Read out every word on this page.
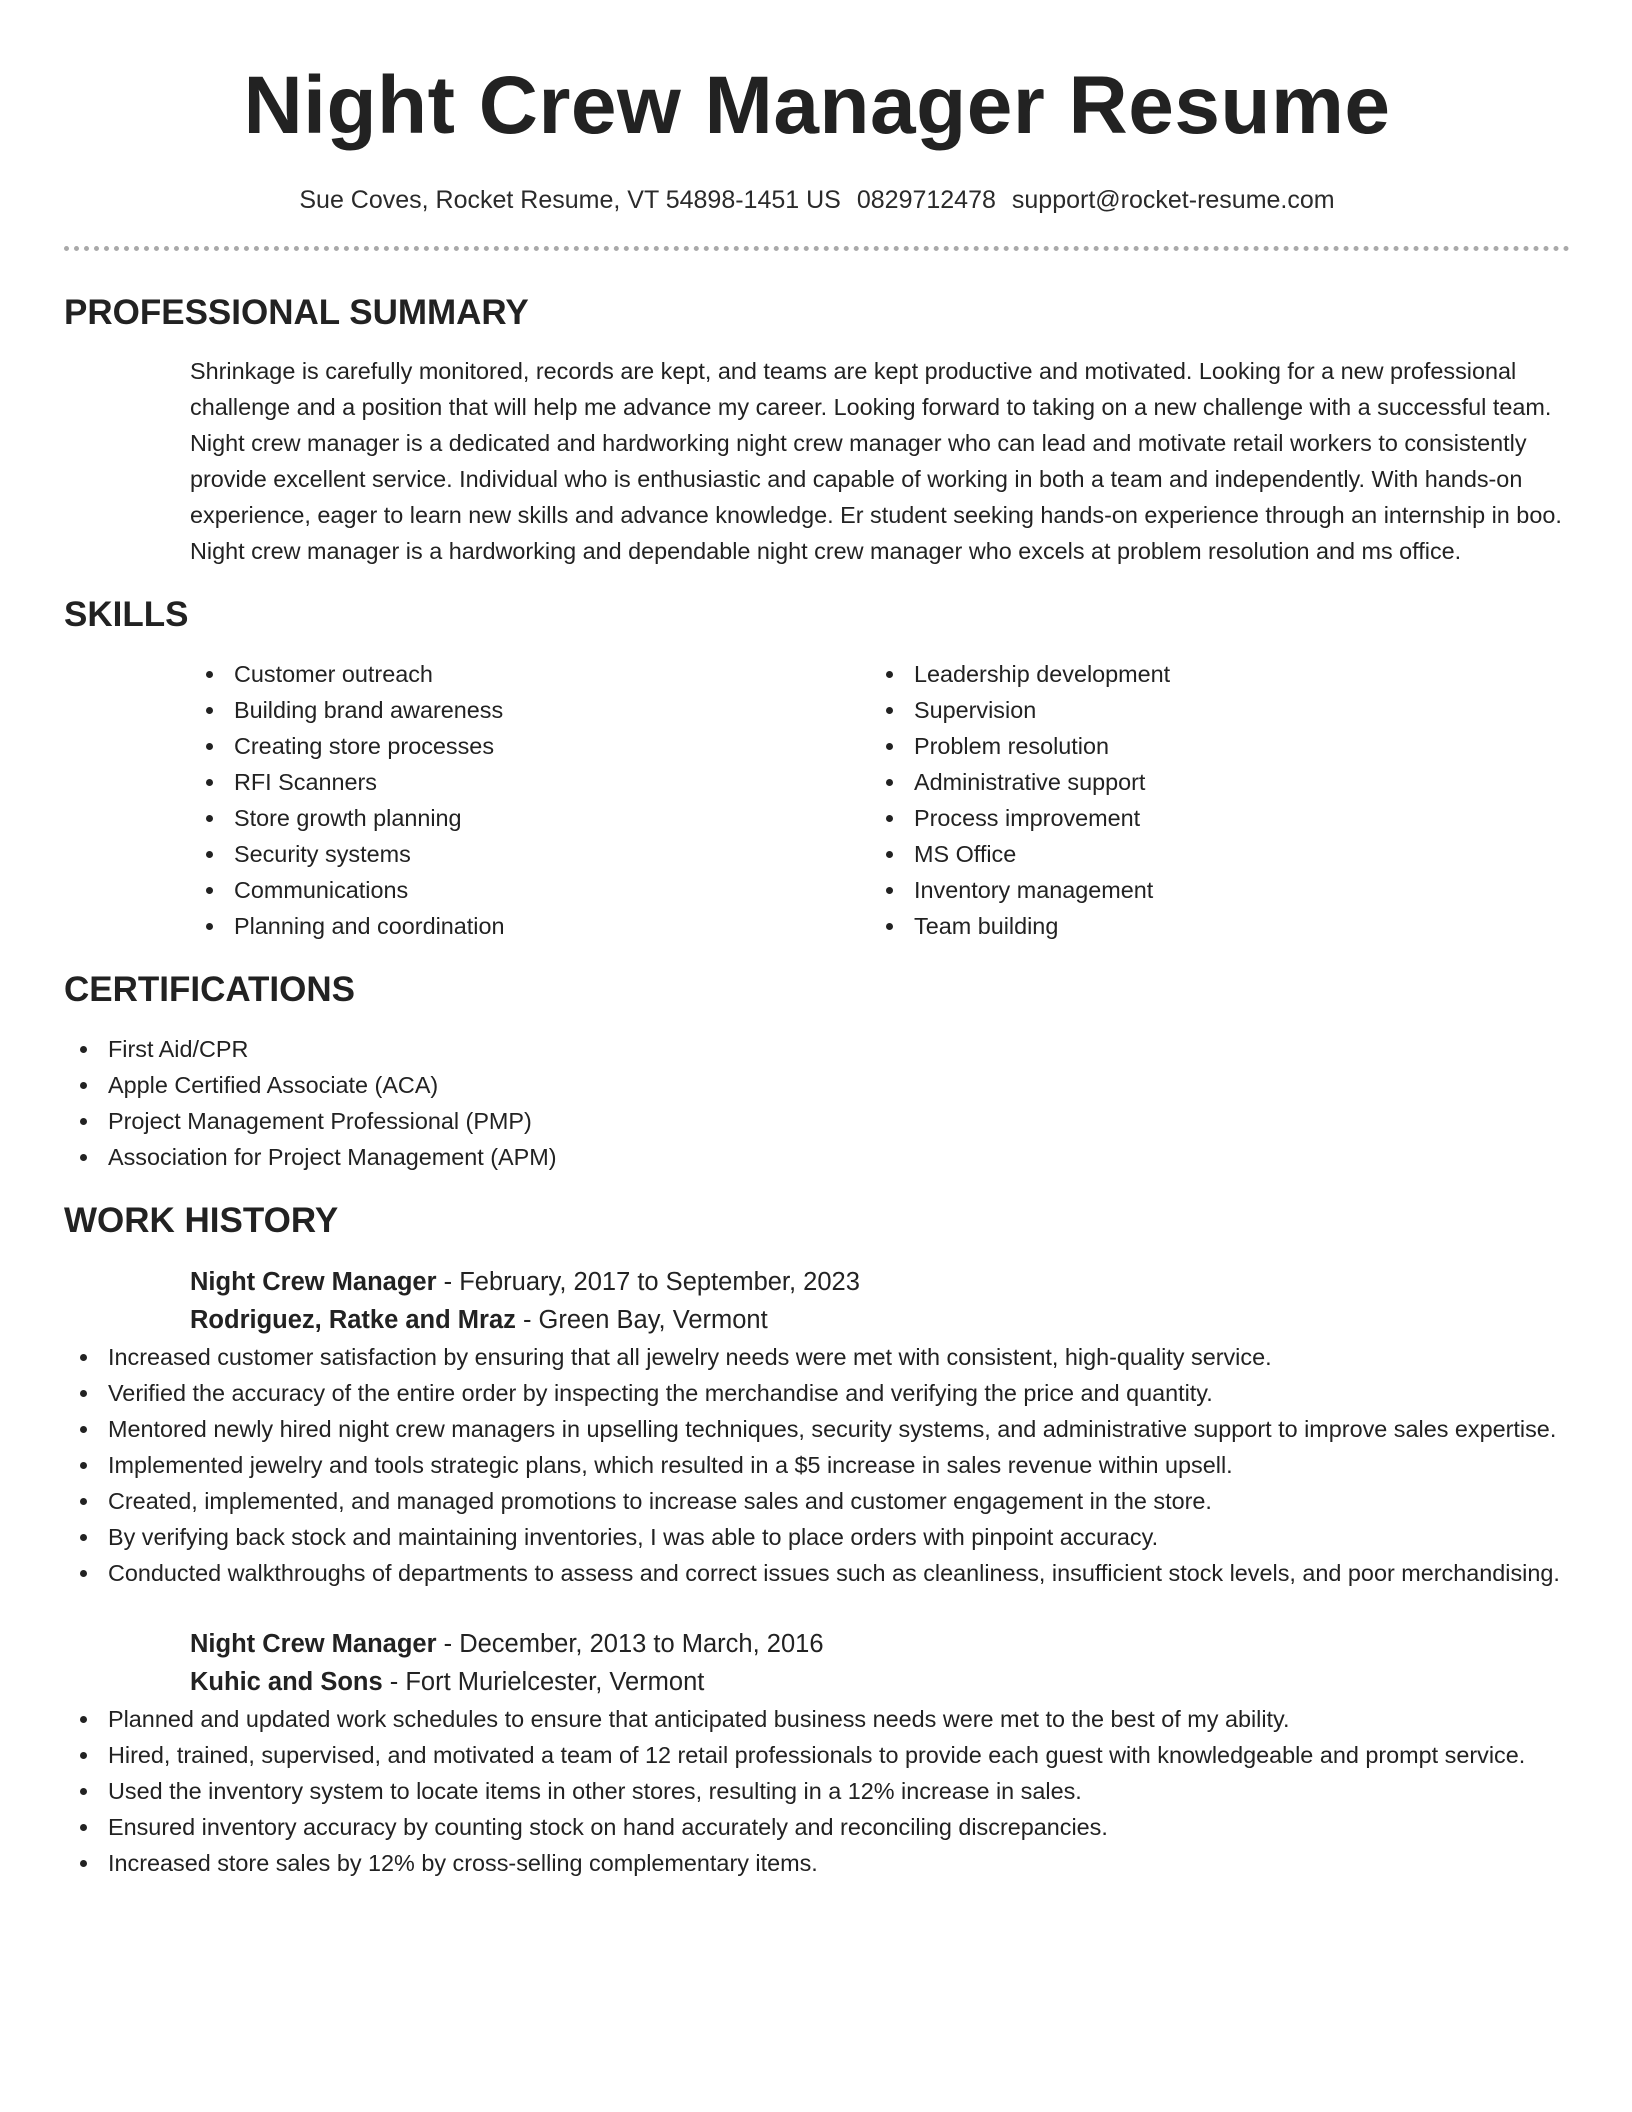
Night Crew Manager Resume
Sue Coves, Rocket Resume, VT 54898-1451 US 0829712478 support@rocket-resume.com
PROFESSIONAL SUMMARY

Shrinkage is carefully monitored, records are kept, and teams are kept productive and motivated. Looking for a new professional challenge and a position that will help me advance my career. Looking forward to taking on a new challenge with a successful team. Night crew manager is a dedicated and hardworking night crew manager who can lead and motivate retail workers to consistently provide excellent service. Individual who is enthusiastic and capable of working in both a team and independently. With hands-on experience, eager to learn new skills and advance knowledge. Er student seeking hands-on experience through an internship in boo. Night crew manager is a hardworking and dependable night crew manager who excels at problem resolution and ms office.

SKILLS
Customer outreach
Building brand awareness
Creating store processes
RFI Scanners
Store growth planning
Security systems
Communications
Planning and coordination
Leadership development
Supervision
Problem resolution
Administrative support
Process improvement
MS Office
Inventory management
Team building
CERTIFICATIONS
First Aid/CPR
Apple Certified Associate (ACA)
Project Management Professional (PMP)
Association for Project Management (APM)
WORK HISTORY
Night Crew Manager - February, 2017 to September, 2023
Rodriguez, Ratke and Mraz - Green Bay, Vermont
Increased customer satisfaction by ensuring that all jewelry needs were met with consistent, high-quality service.
Verified the accuracy of the entire order by inspecting the merchandise and verifying the price and quantity.
Mentored newly hired night crew managers in upselling techniques, security systems, and administrative support to improve sales expertise.
Implemented jewelry and tools strategic plans, which resulted in a $5 increase in sales revenue within upsell.
Created, implemented, and managed promotions to increase sales and customer engagement in the store.
By verifying back stock and maintaining inventories, I was able to place orders with pinpoint accuracy.
Conducted walkthroughs of departments to assess and correct issues such as cleanliness, insufficient stock levels, and poor merchandising.
Night Crew Manager - December, 2013 to March, 2016
Kuhic and Sons - Fort Murielcester, Vermont
Planned and updated work schedules to ensure that anticipated business needs were met to the best of my ability.
Hired, trained, supervised, and motivated a team of 12 retail professionals to provide each guest with knowledgeable and prompt service.
Used the inventory system to locate items in other stores, resulting in a 12% increase in sales.
Ensured inventory accuracy by counting stock on hand accurately and reconciling discrepancies.
Increased store sales by 12% by cross-selling complementary items.
